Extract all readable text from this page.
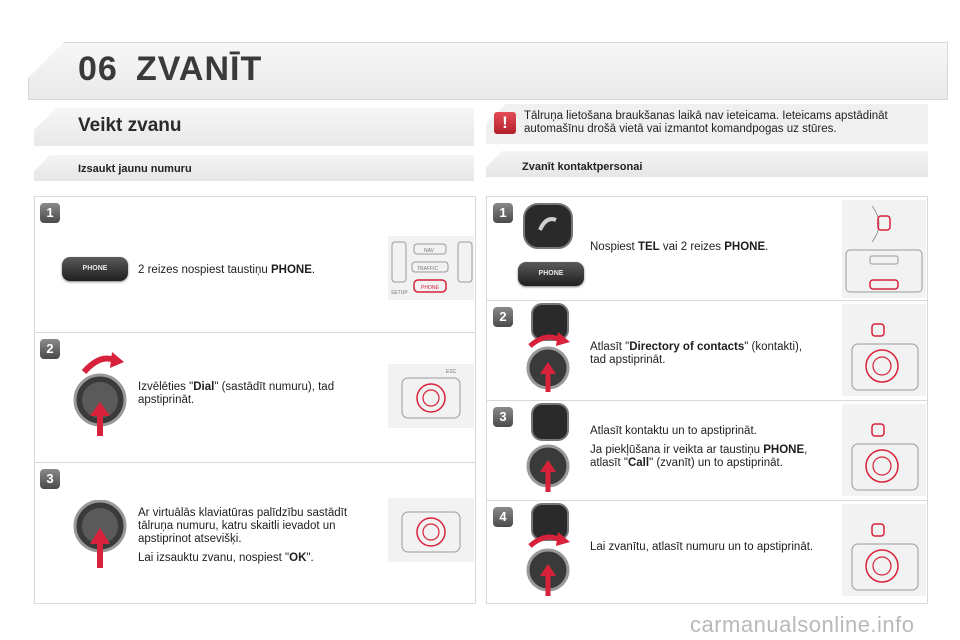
06 ZVANĪT
Veikt zvanu	!	Tālruņa lietošana braukšanas laikā nav ieteicama. Ieteicams apstādināt automašīnu drošā vietā vai izmantot komandpogas uz stūres.
Izsaukt jaunu numuru	Zvanīt kontaktpersonai
1
PHONE	2 reizes nospiest taustiņu PHONE.
NAV
TRAFFIC
PHONE
SETUP
2
Izvēlēties "Dial" (sastādīt numuru), tad apstiprināt.
ESC
3

Ar virtuālās klaviatūras palīdzību sastādīt tālruņa numuru, katru skaitli ievadot un apstiprinot atsevišķi.

Lai izsauktu zvanu, nospiest "OK".

1
PHONE
Nospiest TEL vai 2 reizes PHONE.
2
Atlasīt "Directory of contacts" (kontakti), tad apstiprināt.
3

Atlasīt kontaktu un to apstiprināt.

Ja piekļūšana ir veikta ar taustiņu PHONE, atlasīt "Call" (zvanīt) un to apstiprināt.

4

Lai zvanītu, atlasīt numuru un to apstiprināt.

carmanualsonline.info
